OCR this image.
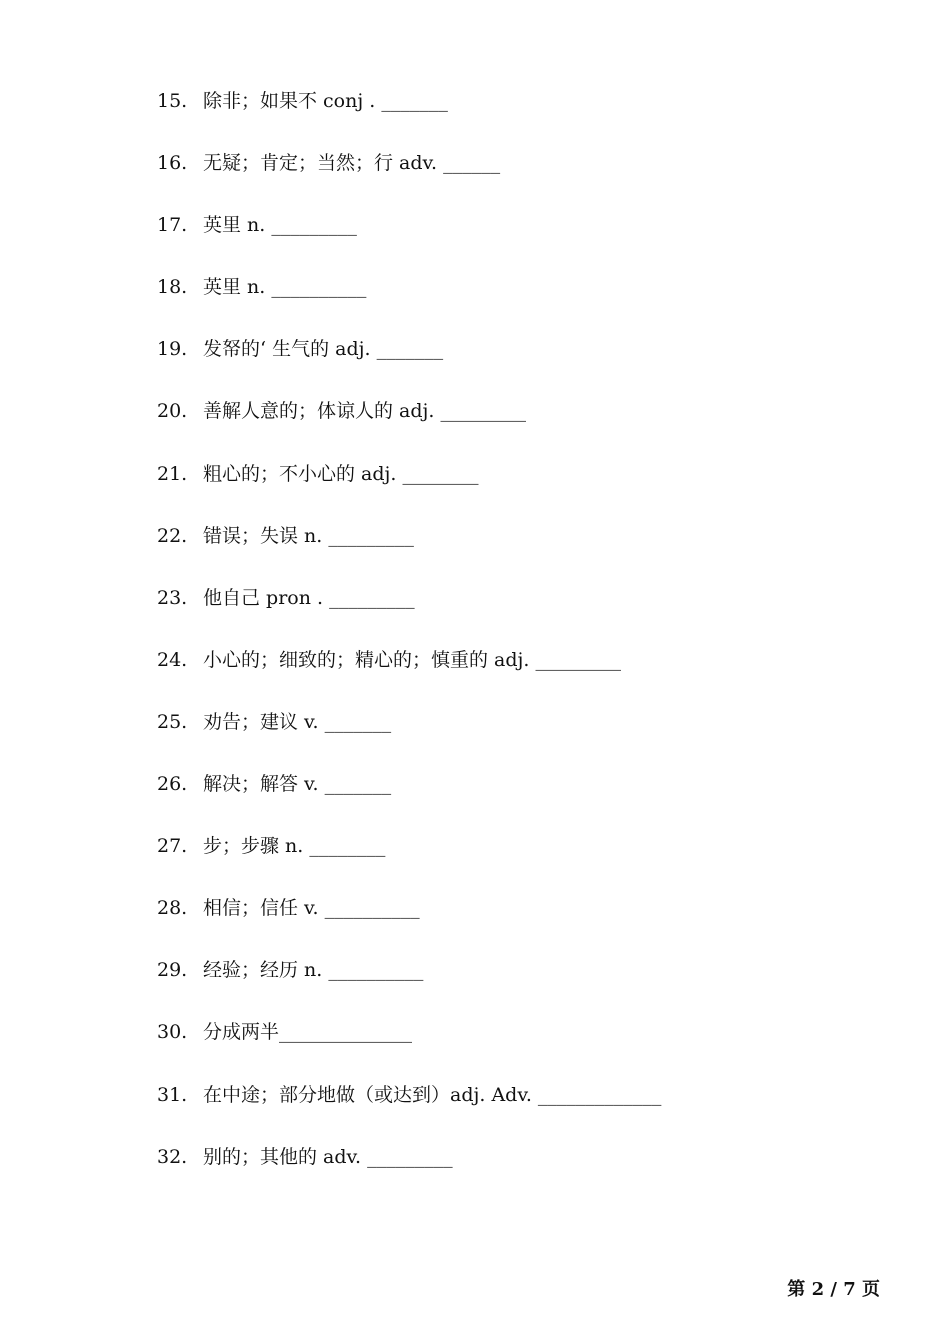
15. 除非；如果不 conj . _______
16. 无疑；肯定；当然；行 adv. ______
17. 英里 n. _________
18. 英里 n. __________
19. 发帑的‘ 生气的 adj. _______
20. 善解人意的；体谅人的 adj. _________
21. 粗心的；不小心的 adj. ________
22. 错误；失误 n. _________
23. 他自己 pron . _________
24. 小心的；细致的；精心的；慎重的 adj. _________
25. 劝告；建议 v. _______
26. 解决；解答 v. _______
27. 步；步骤 n. ________
28. 相信；信任 v. __________
29. 经验；经历 n. __________
30. 分成两半______________
31. 在中途；部分地做（或达到）adj. Adv. _____________
32. 别的；其他的 adv. _________
第 2 / 7 页
